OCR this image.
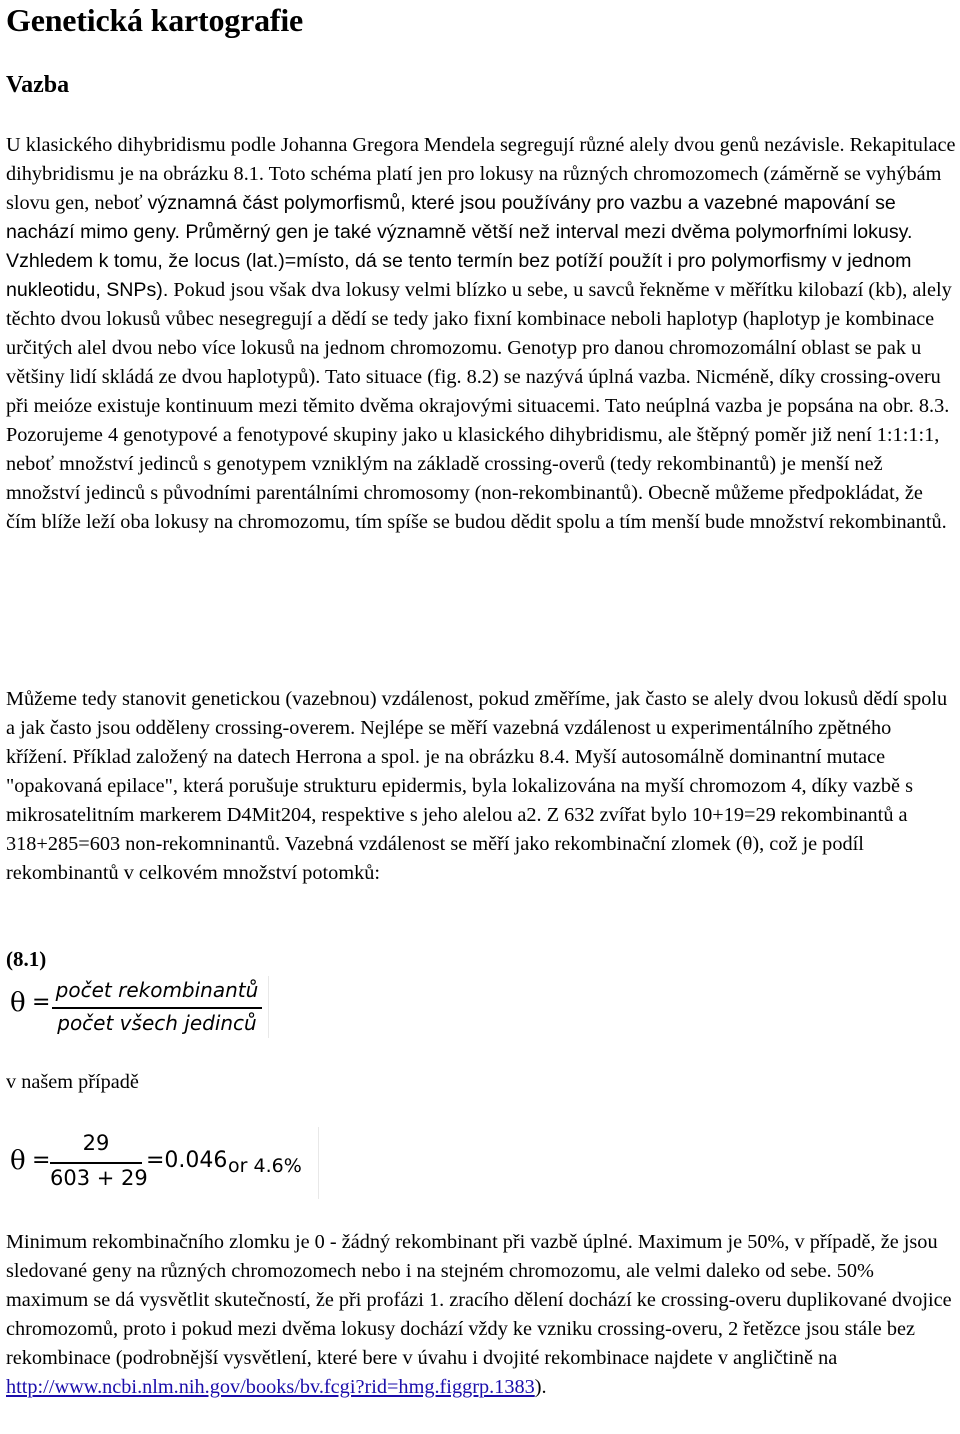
Genetická kartografie
Vazba

U klasického dihybridismu podle Johanna Gregora Mendela segregují různé alely dvou genů nezávisle. Rekapitulace dihybridismu je na obrázku 8.1. Toto schéma platí jen pro lokusy na různých chromozomech (záměrně se vyhýbám slovu gen, neboť významná část polymorfismů, které jsou používány pro vazbu a vazebné mapování se nachází mimo geny. Průměrný gen je také významně větší než interval mezi dvěma polymorfními lokusy. Vzhledem k tomu, že locus (lat.)=místo, dá se tento termín bez potíží použít i pro polymorfismy v jednom nukleotidu, SNPs). Pokud jsou však dva lokusy velmi blízko u sebe, u savců řekněme v měřítku kilobazí (kb), alely těchto dvou lokusů vůbec nesegregují a dědí se tedy jako fixní kombinace neboli haplotyp (haplotyp je kombinace určitých alel dvou nebo více lokusů na jednom chromozomu. Genotyp pro danou chromozomální oblast se pak u většiny lidí skládá ze dvou haplotypů). Tato situace (fig. 8.2) se nazývá úplná vazba. Nicméně, díky crossing-overu při meióze existuje kontinuum mezi těmito dvěma okrajovými situacemi. Tato neúplná vazba je popsána na obr. 8.3. Pozorujeme 4 genotypové a fenotypové skupiny jako u klasického dihybridismu, ale štěpný poměr již není 1:1:1:1, neboť množství jedinců s genotypem vzniklým na základě crossing-overů (tedy rekombinantů) je menší než množství jedinců s původními parentálními chromosomy (non-rekombinantů). Obecně můžeme předpokládat, že čím blíže leží oba lokusy na chromozomu, tím spíše se budou dědit spolu a tím menší bude množství rekombinantů.

Můžeme tedy stanovit genetickou (vazebnou) vzdálenost, pokud změříme, jak často se alely dvou lokusů dědí spolu a jak často jsou odděleny crossing-overem. Nejlépe se měří vazebná vzdálenost u experimentálního zpětného křížení. Příklad založený na datech Herrona a spol. je na obrázku 8.4. Myší autosomálně dominantní mutace "opakovaná epilace", která porušuje strukturu epidermis, byla lokalizována na myší chromozom 4, díky vazbě s mikrosatelitním markerem D4Mit204, respektive s jeho alelou a2. Z 632 zvířat bylo 10+19=29 rekombinantů a 318+285=603 non-rekomninantů. Vazebná vzdálenost se měří jako rekombinační zlomek (θ), což je podíl rekombinantů v celkovém množství potomků:

(8.1)
θ = počet rekombinantů
počet všech jedinců
v našem případě
θ =
29
603 + 29
=0.046 or 4.6%

Minimum rekombinačního zlomku je 0 - žádný rekombinant při vazbě úplné. Maximum je 50%, v případě, že jsou sledované geny na různých chromozomech nebo i na stejném chromozomu, ale velmi daleko od sebe. 50% maximum se dá vysvětlit skutečností, že při profázi 1. zracího dělení dochází ke crossing-overu duplikované dvojice chromozomů, proto i pokud mezi dvěma lokusy dochází vždy ke vzniku crossing-overu, 2 řetězce jsou stále bez rekombinace (podrobnější vysvětlení, které bere v úvahu i dvojité rekombinace najdete v angličtině na http://www.ncbi.nlm.nih.gov/books/bv.fcgi?rid=hmg.figgrp.1383).
